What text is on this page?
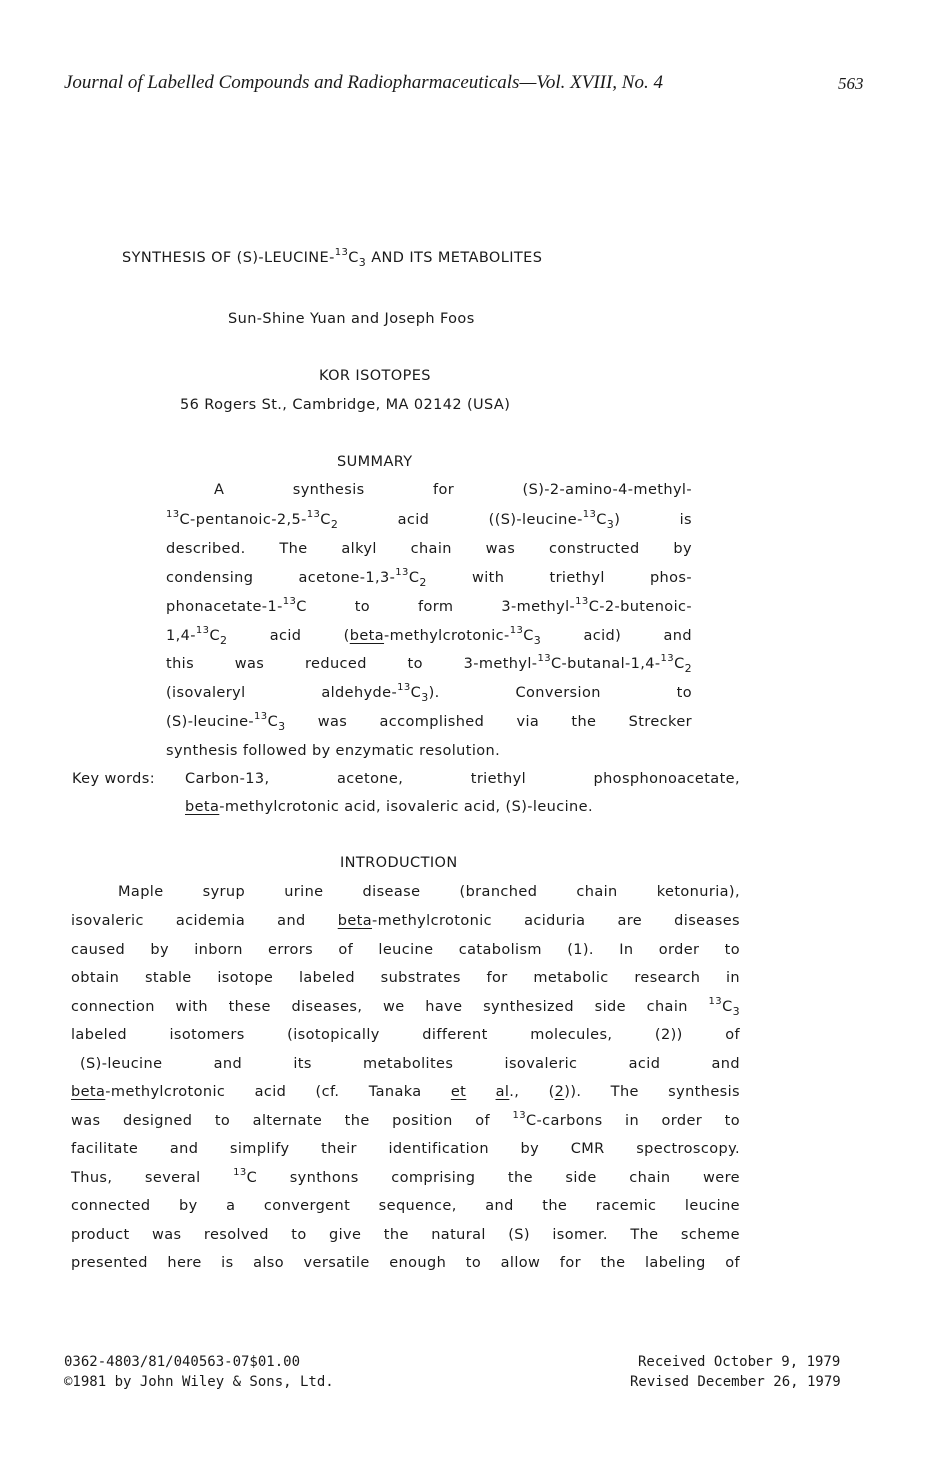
Journal of Labelled Compounds and Radiopharmaceuticals—Vol. XVIII, No. 4	563
SYNTHESIS OF $(S)-LEUCINE-^{13}C_3$ AND ITS METABOLITES
Sun-Shine Yuan and Joseph Foos
KOR ISOTOPES
56 Rogers St., Cambridge, MA 02142 (USA)
SUMMARY
A synthesis for (S)-2-amino-4-methyl-
$^{13}C-pentanoic-2,5-^{13}C_2$	acid $((S)-leucine-^{13}C_3)$ is
described. The alkyl chain was constructed by
condensing acetone-$1,3-^{13}C_2$	with triethyl phos-
phonacetate-1-$^{13}$C to form 3-methyl-$^{13}$C-2-butenoic-
$1,4-^{13}C_2$	acid ($beta-methylcrotonic-^{13}C_3$	acid) and
this was reduced to $3-methyl-^{13}C-butanal-1,4-^{13}C_2$
(isovaleryl aldehyde-$^{13}C_3$). Conversion to
$(S)-leucine-^{13}C_3$ was accomplished via the Strecker
synthesis followed by enzymatic resolution.
Key words: Carbon-13, acetone, triethyl phosphonoacetate,
beta-methylcrotonic acid, isovaleric acid, (S)-leucine.
INTRODUCTION
Maple syrup urine disease (branched chain ketonuria),
isovaleric acidemia and beta-methylcrotonic aciduria are diseases
caused by inborn errors of leucine catabolism (1). In order to
obtain stable isotope labeled substrates for metabolic research in
connection with these diseases, we have synthesized side chain $^{13}C_3$
labeled isotomers (isotopically different molecules, (2)) of
(S)-leucine and its metabolites isovaleric acid and
beta-methylcrotonic acid (cf. Tanaka et al., (2)). The synthesis
was designed to alternate the position of $^{13}$C-carbons in order to
facilitate and simplify their identification by CMR spectroscopy.
Thus, several $^{13}$C synthons comprising the side chain were
connected by a convergent sequence, and the racemic leucine
product was resolved to give the natural (S) isomer. The scheme
presented here is also versatile enough to allow for the labeling of
0362-4803/81/040563-07$01.00
©1981 by John Wiley & Sons, Ltd.
Received October 9, 1979
Revised December 26, 1979
